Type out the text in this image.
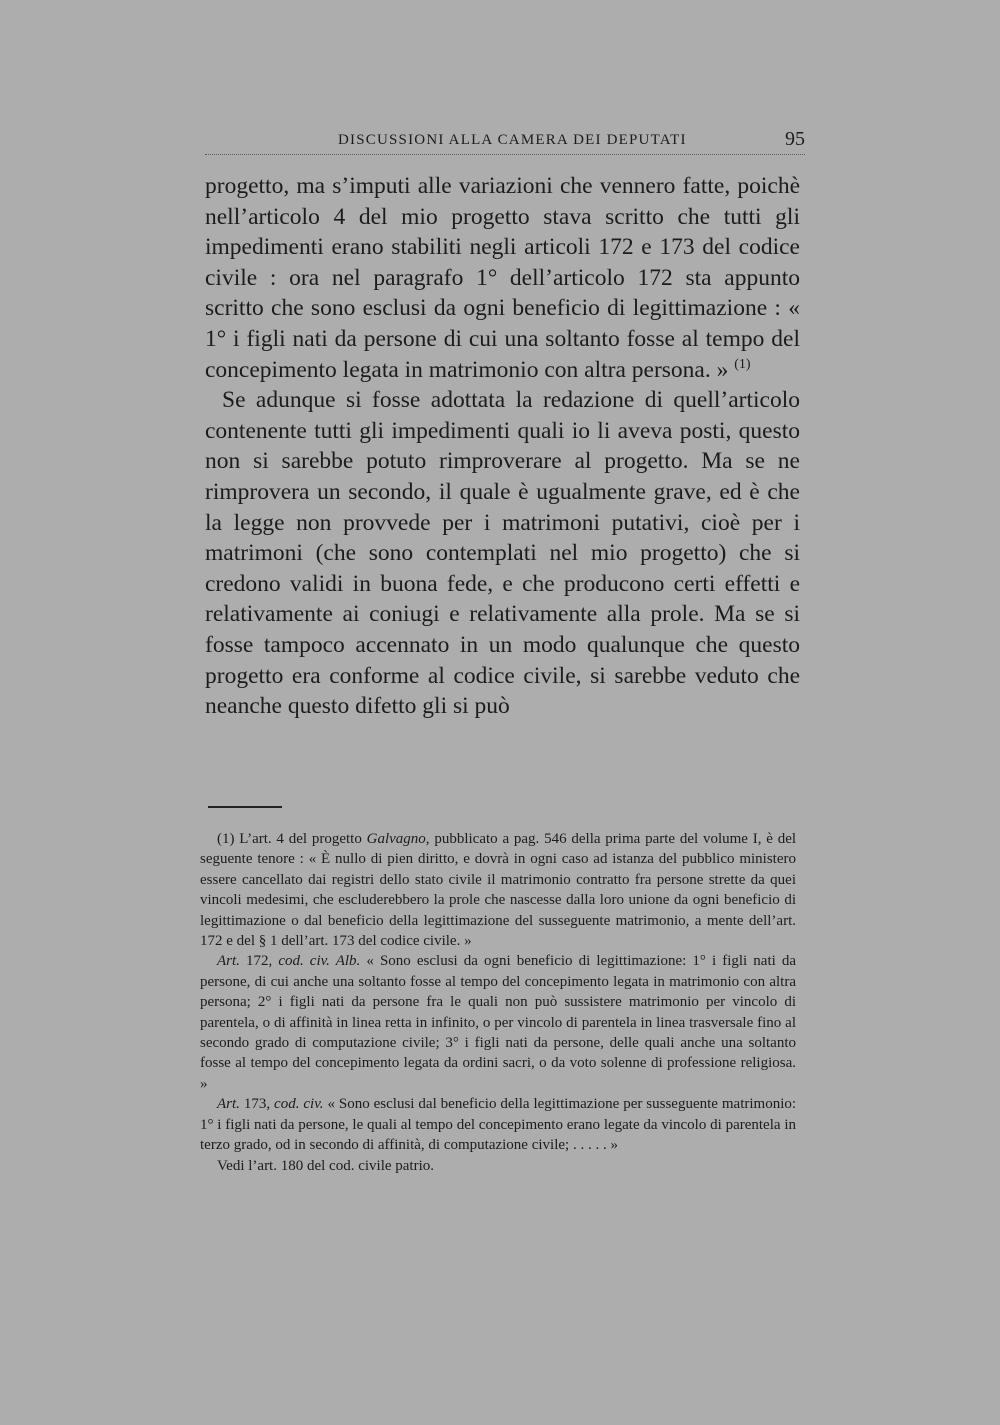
DISCUSSIONI ALLA CAMERA DEI DEPUTATI	95

progetto, ma s’imputi alle variazioni che vennero fatte, poichè nell’articolo 4 del mio progetto stava scritto che tutti gli impedimenti erano stabiliti negli articoli 172 e 173 del codice civile : ora nel paragrafo 1° dell’articolo 172 sta appunto scritto che sono esclusi da ogni beneficio di legittimazione : « 1° i figli nati da persone di cui una soltanto fosse al tempo del concepimento legata in matrimonio con altra persona. » $^{(1)}$

Se adunque si fosse adottata la redazione di quell’articolo contenente tutti gli impedimenti quali io li aveva posti, questo non si sarebbe potuto rimproverare al progetto. Ma se ne rimprovera un secondo, il quale è ugualmente grave, ed è che la legge non provvede per i matrimoni putativi, cioè per i matrimoni (che sono contemplati nel mio progetto) che si credono validi in buona fede, e che producono certi effetti e relativamente ai coniugi e relativamente alla prole. Ma se si fosse tampoco accennato in un modo qualunque che questo progetto era conforme al codice civile, si sarebbe veduto che neanche questo difetto gli si può

(1) L’art. 4 del progetto Galvagno, pubblicato a pag. 546 della prima parte del volume I, è del seguente tenore : « È nullo di pien diritto, e dovrà in ogni caso ad istanza del pubblico ministero essere cancellato dai registri dello stato civile il matrimonio contratto fra persone strette da quei vincoli medesimi, che escluderebbero la prole che nascesse dalla loro unione da ogni beneficio di legittimazione o dal beneficio della legittimazione del susseguente matrimonio, a mente dell’art. 172 e del § 1 dell’art. 173 del codice civile. »

Art. 172, cod. civ. Alb. « Sono esclusi da ogni beneficio di legittimazione: 1° i figli nati da persone, di cui anche una soltanto fosse al tempo del concepimento legata in matrimonio con altra persona; 2° i figli nati da persone fra le quali non può sussistere matrimonio per vincolo di parentela, o di affinità in linea retta in infinito, o per vincolo di parentela in linea trasversale fino al secondo grado di computazione civile; 3° i figli nati da persone, delle quali anche una soltanto fosse al tempo del concepimento legata da ordini sacri, o da voto solenne di professione religiosa. »

Art. 173, cod. civ. « Sono esclusi dal beneficio della legittimazione per susseguente matrimonio: 1° i figli nati da persone, le quali al tempo del concepimento erano legate da vincolo di parentela in terzo grado, od in secondo di affinità, di computazione civile; . . . . . »

Vedi l’art. 180 del cod. civile patrio.
